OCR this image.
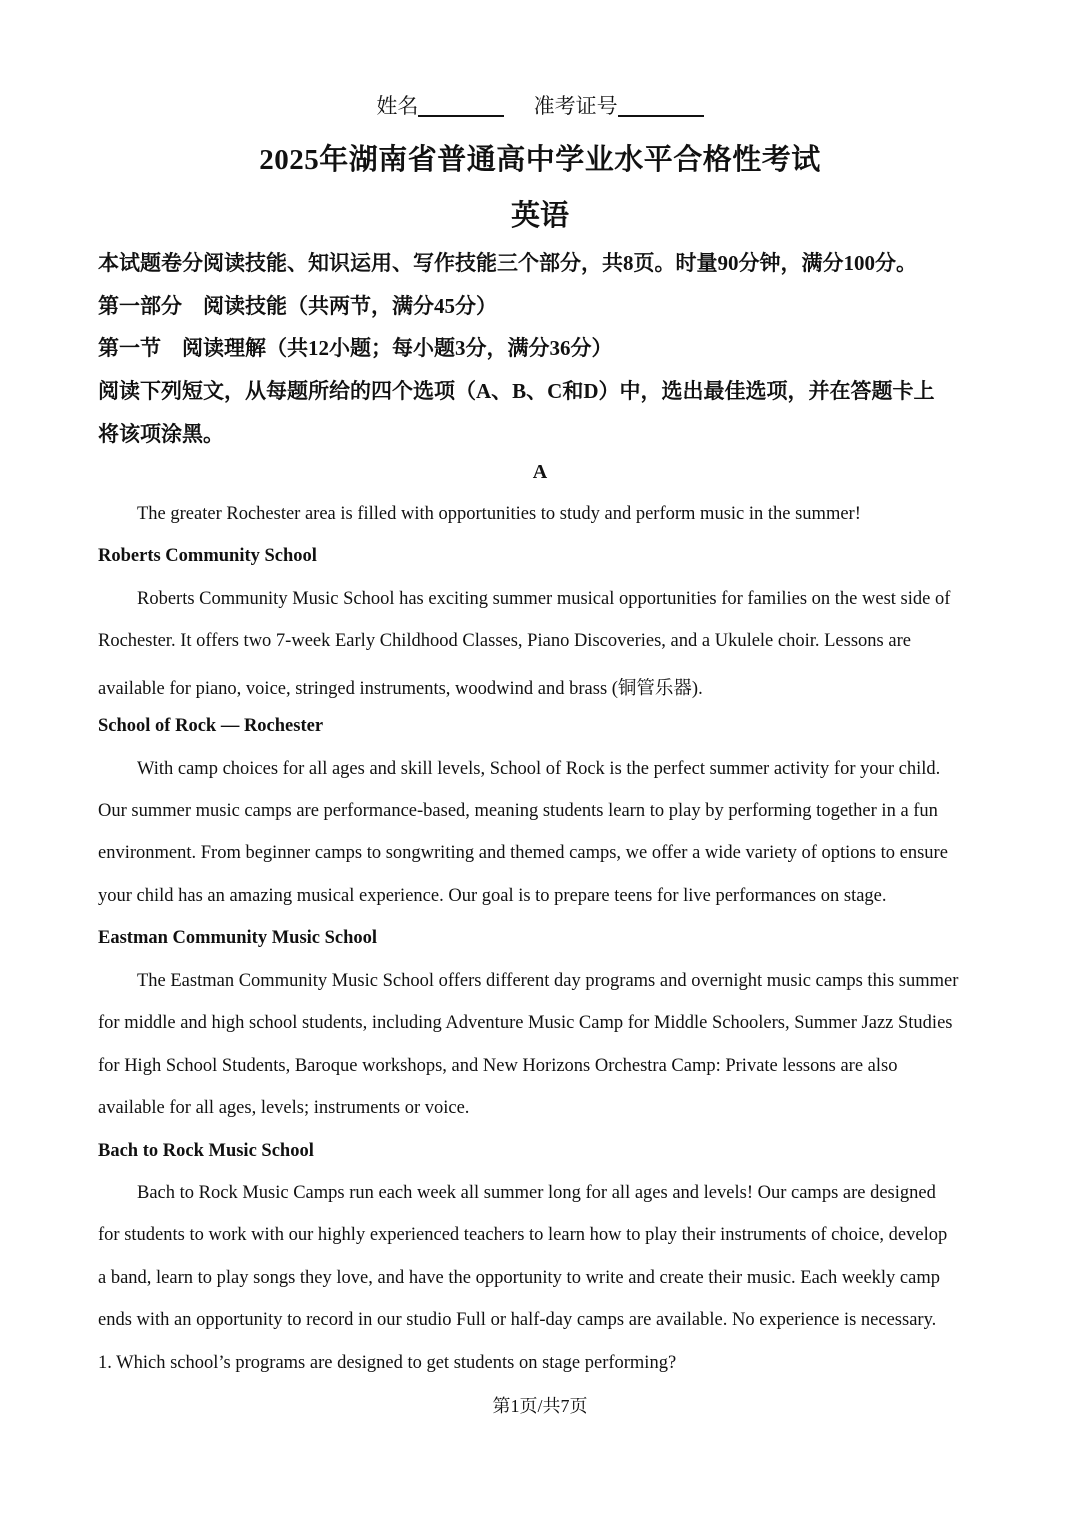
姓名	准考证号
2025年湖南省普通高中学业水平合格性考试
英语
本试题卷分阅读技能、知识运用、写作技能三个部分，共8页。时量90分钟，满分100分。
第一部分　阅读技能（共两节，满分45分）
第一节　阅读理解（共12小题；每小题3分，满分36分）
阅读下列短文，从每题所给的四个选项（A、B、C和D）中，选出最佳选项，并在答题卡上
将该项涂黑。
A
The greater Rochester area is filled with opportunities to study and perform music in the summer!
Roberts Community School
Roberts Community Music School has exciting summer musical opportunities for families on the west side of
Rochester. It offers two 7-week Early Childhood Classes, Piano Discoveries, and a Ukulele choir. Lessons are
available for piano, voice, stringed instruments, woodwind and brass (铜管乐器).
School of Rock — Rochester
With camp choices for all ages and skill levels, School of Rock is the perfect summer activity for your child.
Our summer music camps are performance-based, meaning students learn to play by performing together in a fun
environment. From beginner camps to songwriting and themed camps, we offer a wide variety of options to ensure
your child has an amazing musical experience. Our goal is to prepare teens for live performances on stage.
Eastman Community Music School
The Eastman Community Music School offers different day programs and overnight music camps this summer
for middle and high school students, including Adventure Music Camp for Middle Schoolers, Summer Jazz Studies
for High School Students, Baroque workshops, and New Horizons Orchestra Camp: Private lessons are also
available for all ages, levels; instruments or voice.
Bach to Rock Music School
Bach to Rock Music Camps run each week all summer long for all ages and levels! Our camps are designed
for students to work with our highly experienced teachers to learn how to play their instruments of choice, develop
a band, learn to play songs they love, and have the opportunity to write and create their music. Each weekly camp
ends with an opportunity to record in our studio Full or half-day camps are available. No experience is necessary.
1. Which school’s programs are designed to get students on stage performing?
第1页/共7页
